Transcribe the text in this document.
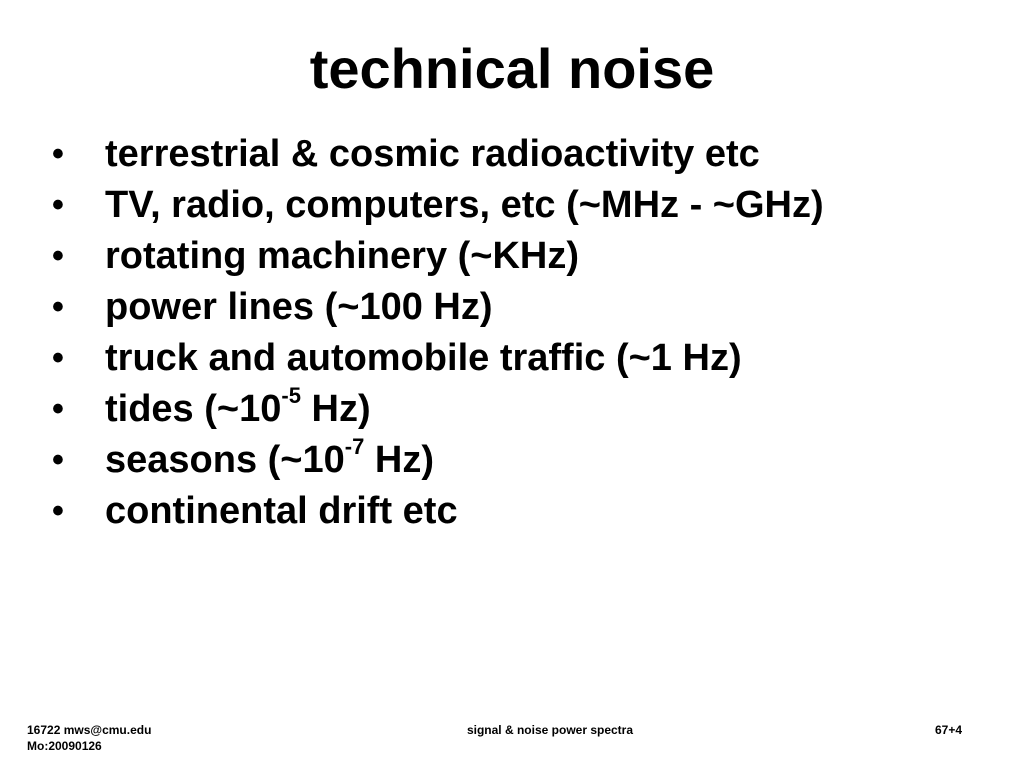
technical noise
•	terrestrial & cosmic radioactivity etc
•	TV, radio, computers, etc (~MHz - ~GHz)
•	rotating machinery (~KHz)
•	power lines (~100 Hz)
•	truck and automobile traffic (~1 Hz)
•	tides ($\sim 10^{-5}$ Hz)
•	seasons ($\sim 10^{-7}$ Hz)
•	continental drift etc
16722 mws@cmu.edu
Mo:20090126
signal & noise power spectra	67+4
